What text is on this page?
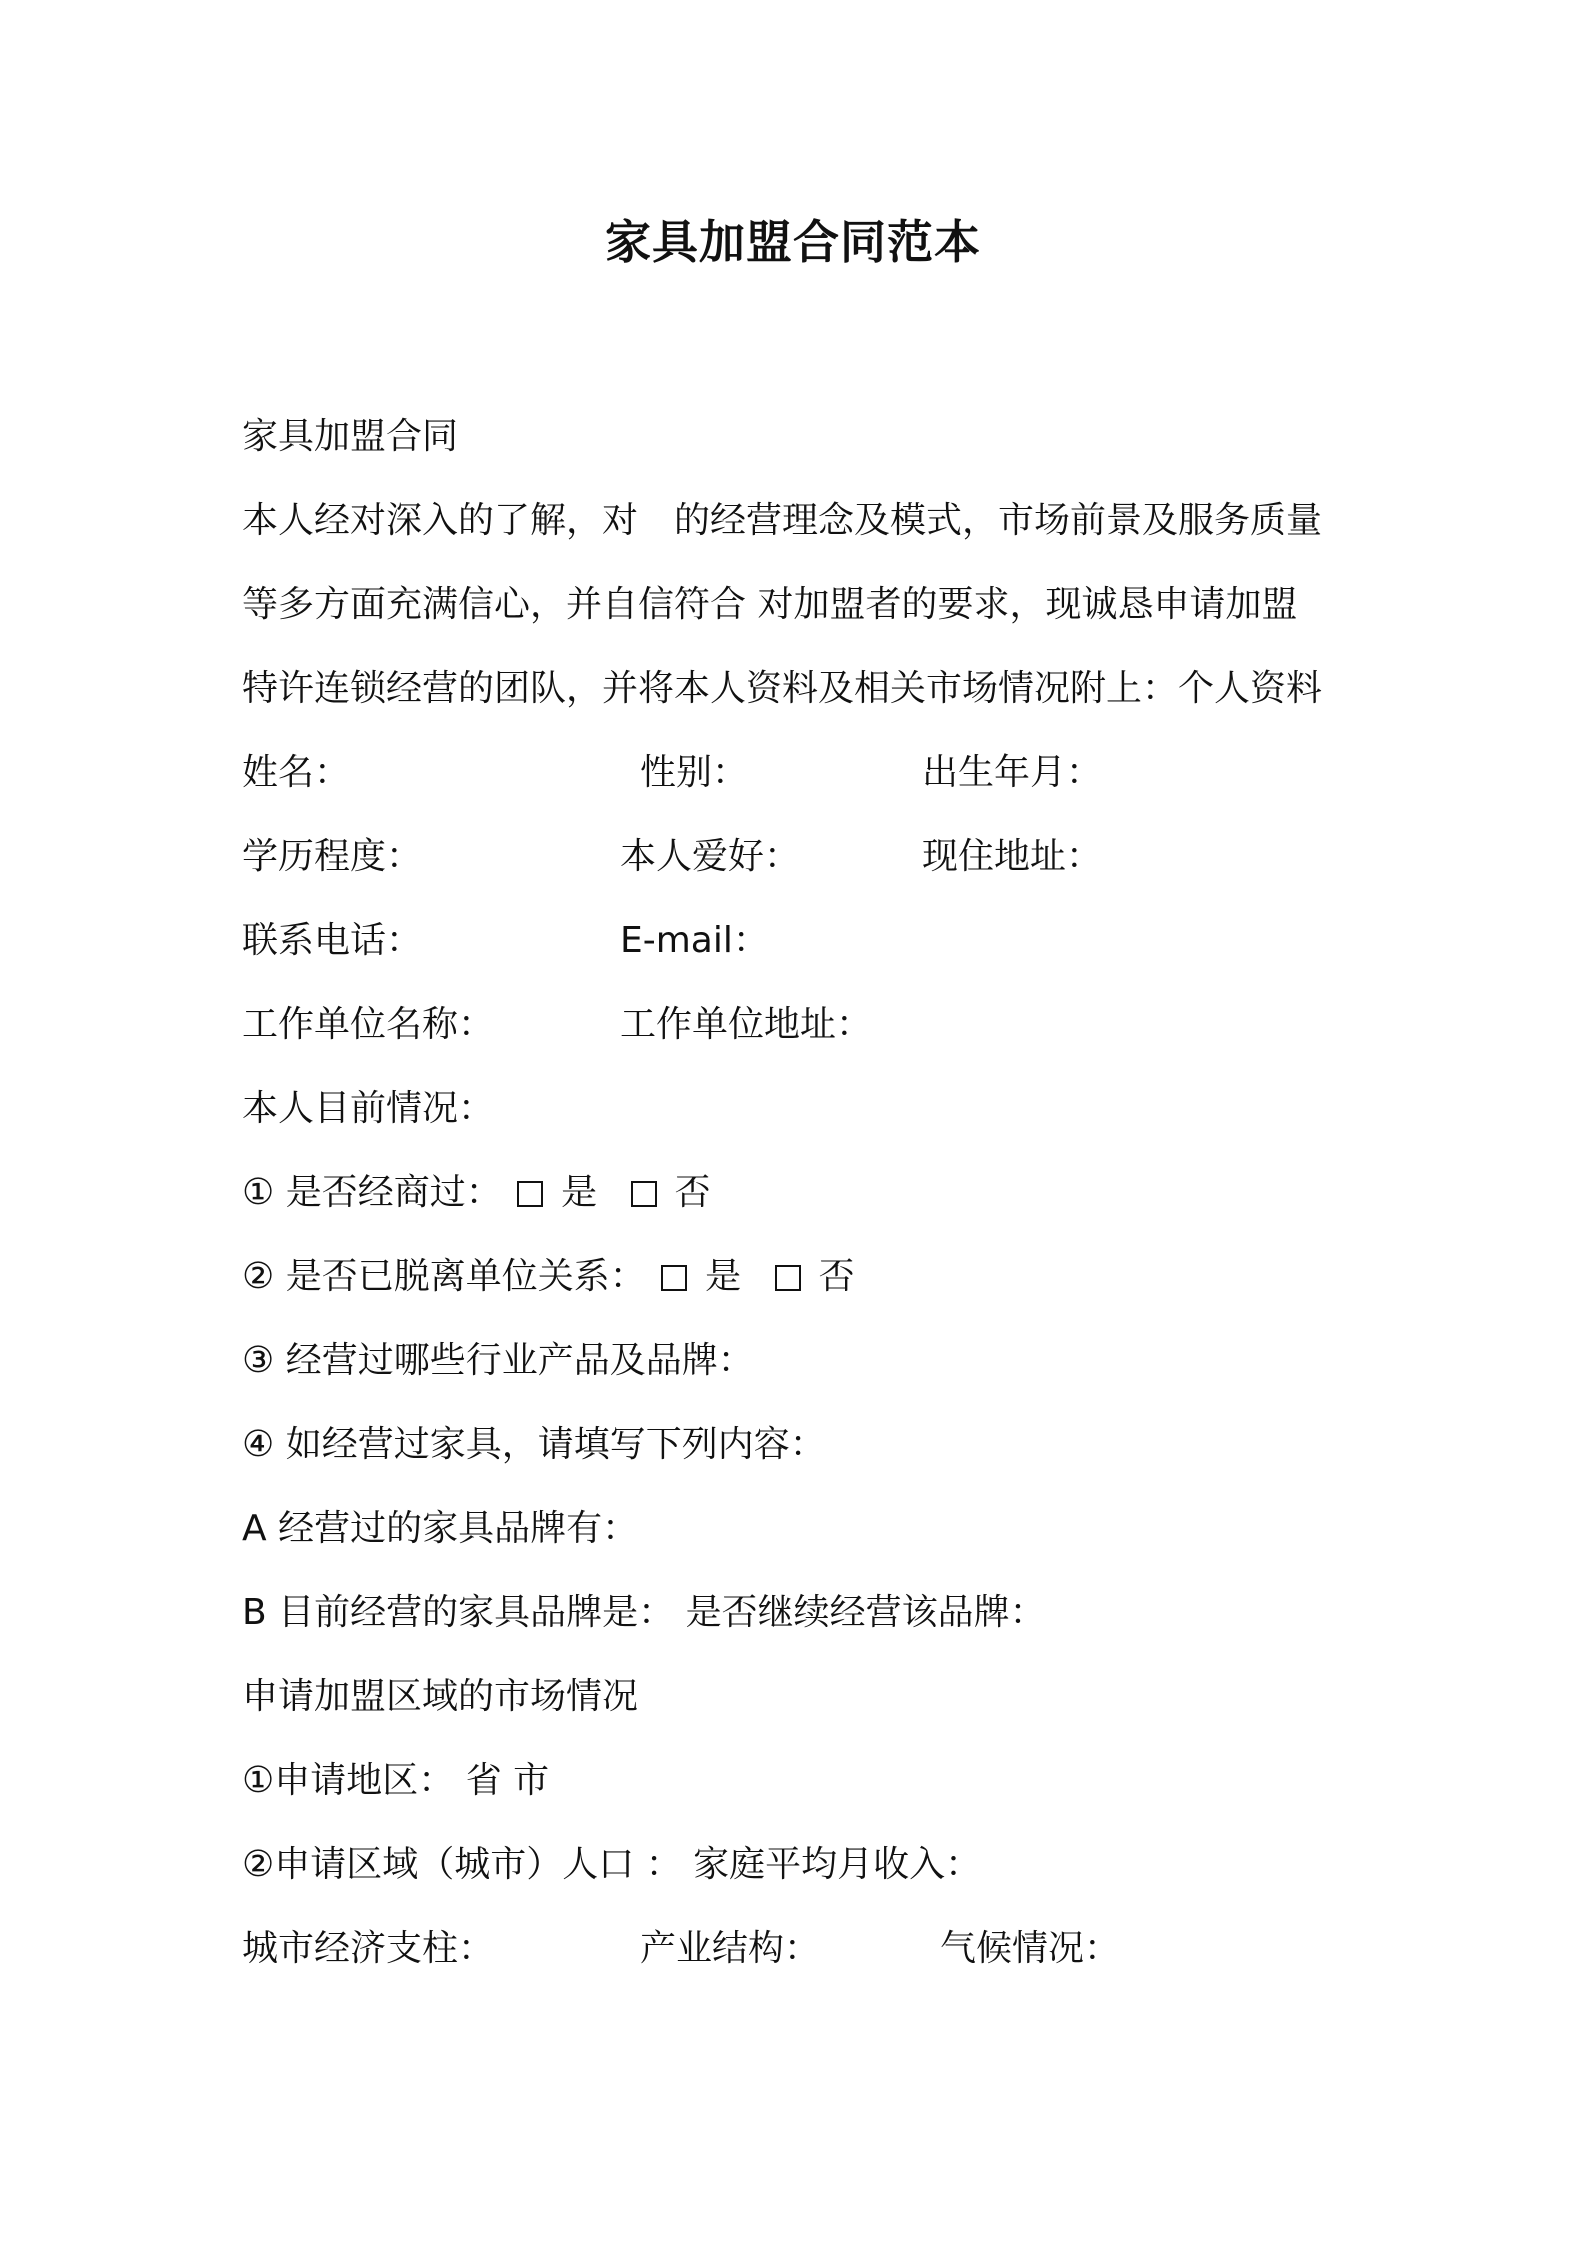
家具加盟合同范本
家具加盟合同
本人经对深入的了解，对　的经营理念及模式，市场前景及服务质量
等多方面充满信心，并自信符合 对加盟者的要求，现诚恳申请加盟
特许连锁经营的团队，并将本人资料及相关市场情况附上：个人资料
姓名：	性别：	出生年月：
学历程度：	本人爱好：	现住地址：
联系电话：	E-mail：
工作单位名称：	工作单位地址：
本人目前情况：
① 是否经商过： 是 否
② 是否已脱离单位关系： 是 否
③ 经营过哪些行业产品及品牌：
④ 如经营过家具，请填写下列内容：
A 经营过的家具品牌有：
B 目前经营的家具品牌是： 是否继续经营该品牌：
申请加盟区域的市场情况
①申请地区： 省 市
②申请区域（城市）人口 ： 家庭平均月收入：
城市经济支柱：	产业结构：	气候情况：
